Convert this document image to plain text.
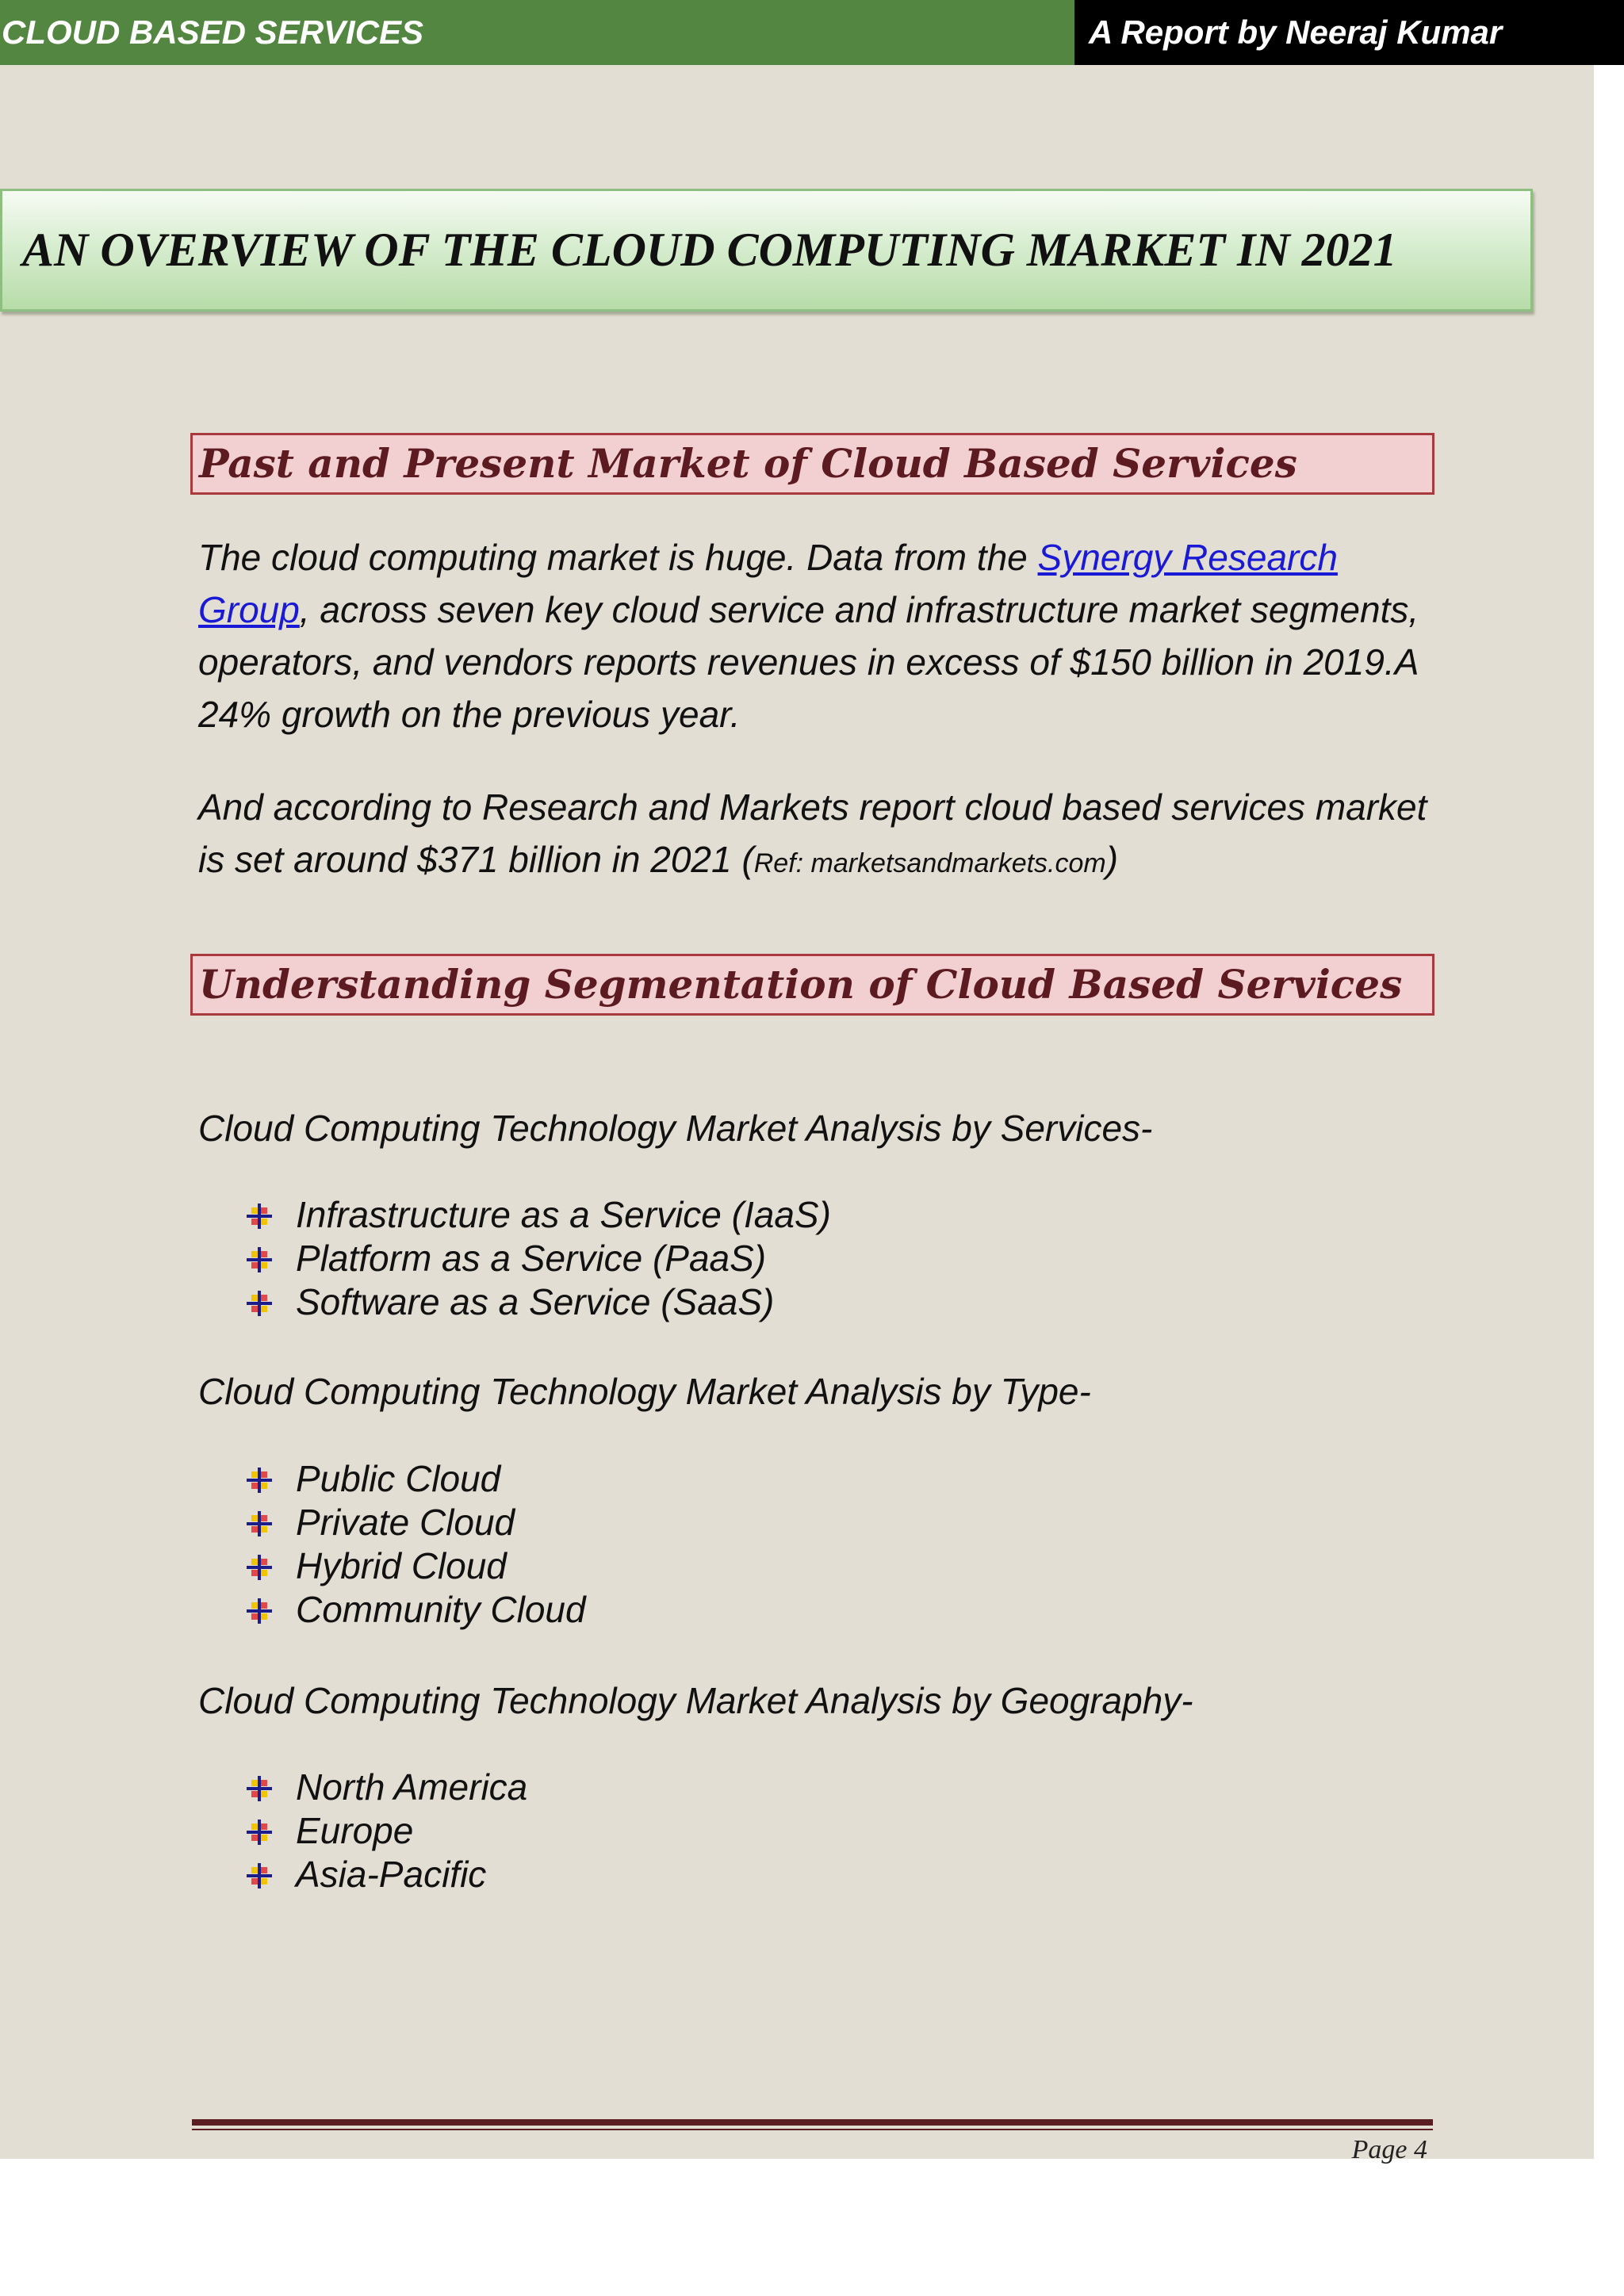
CLOUD BASED SERVICES	A Report by Neeraj Kumar
AN OVERVIEW OF THE CLOUD COMPUTING MARKET IN 2021
Past and Present Market of Cloud Based Services

The cloud computing market is huge. Data from the Synergy Research
Group, across seven key cloud service and infrastructure market segments, operators, and vendors reports revenues in excess of $150 billion in 2019.A 24% growth on the previous year.

And according to Research and Markets report cloud based services market is set around $371 billion in 2021 (Ref: marketsandmarkets.com)

Understanding Segmentation of Cloud Based Services
Cloud Computing Technology Market Analysis by Services-
Infrastructure as a Service (IaaS)
Platform as a Service (PaaS)
Software as a Service (SaaS)
Cloud Computing Technology Market Analysis by Type-
Public Cloud
Private Cloud
Hybrid Cloud
Community Cloud
Cloud Computing Technology Market Analysis by Geography-
North America
Europe
Asia-Pacific
Page 4
